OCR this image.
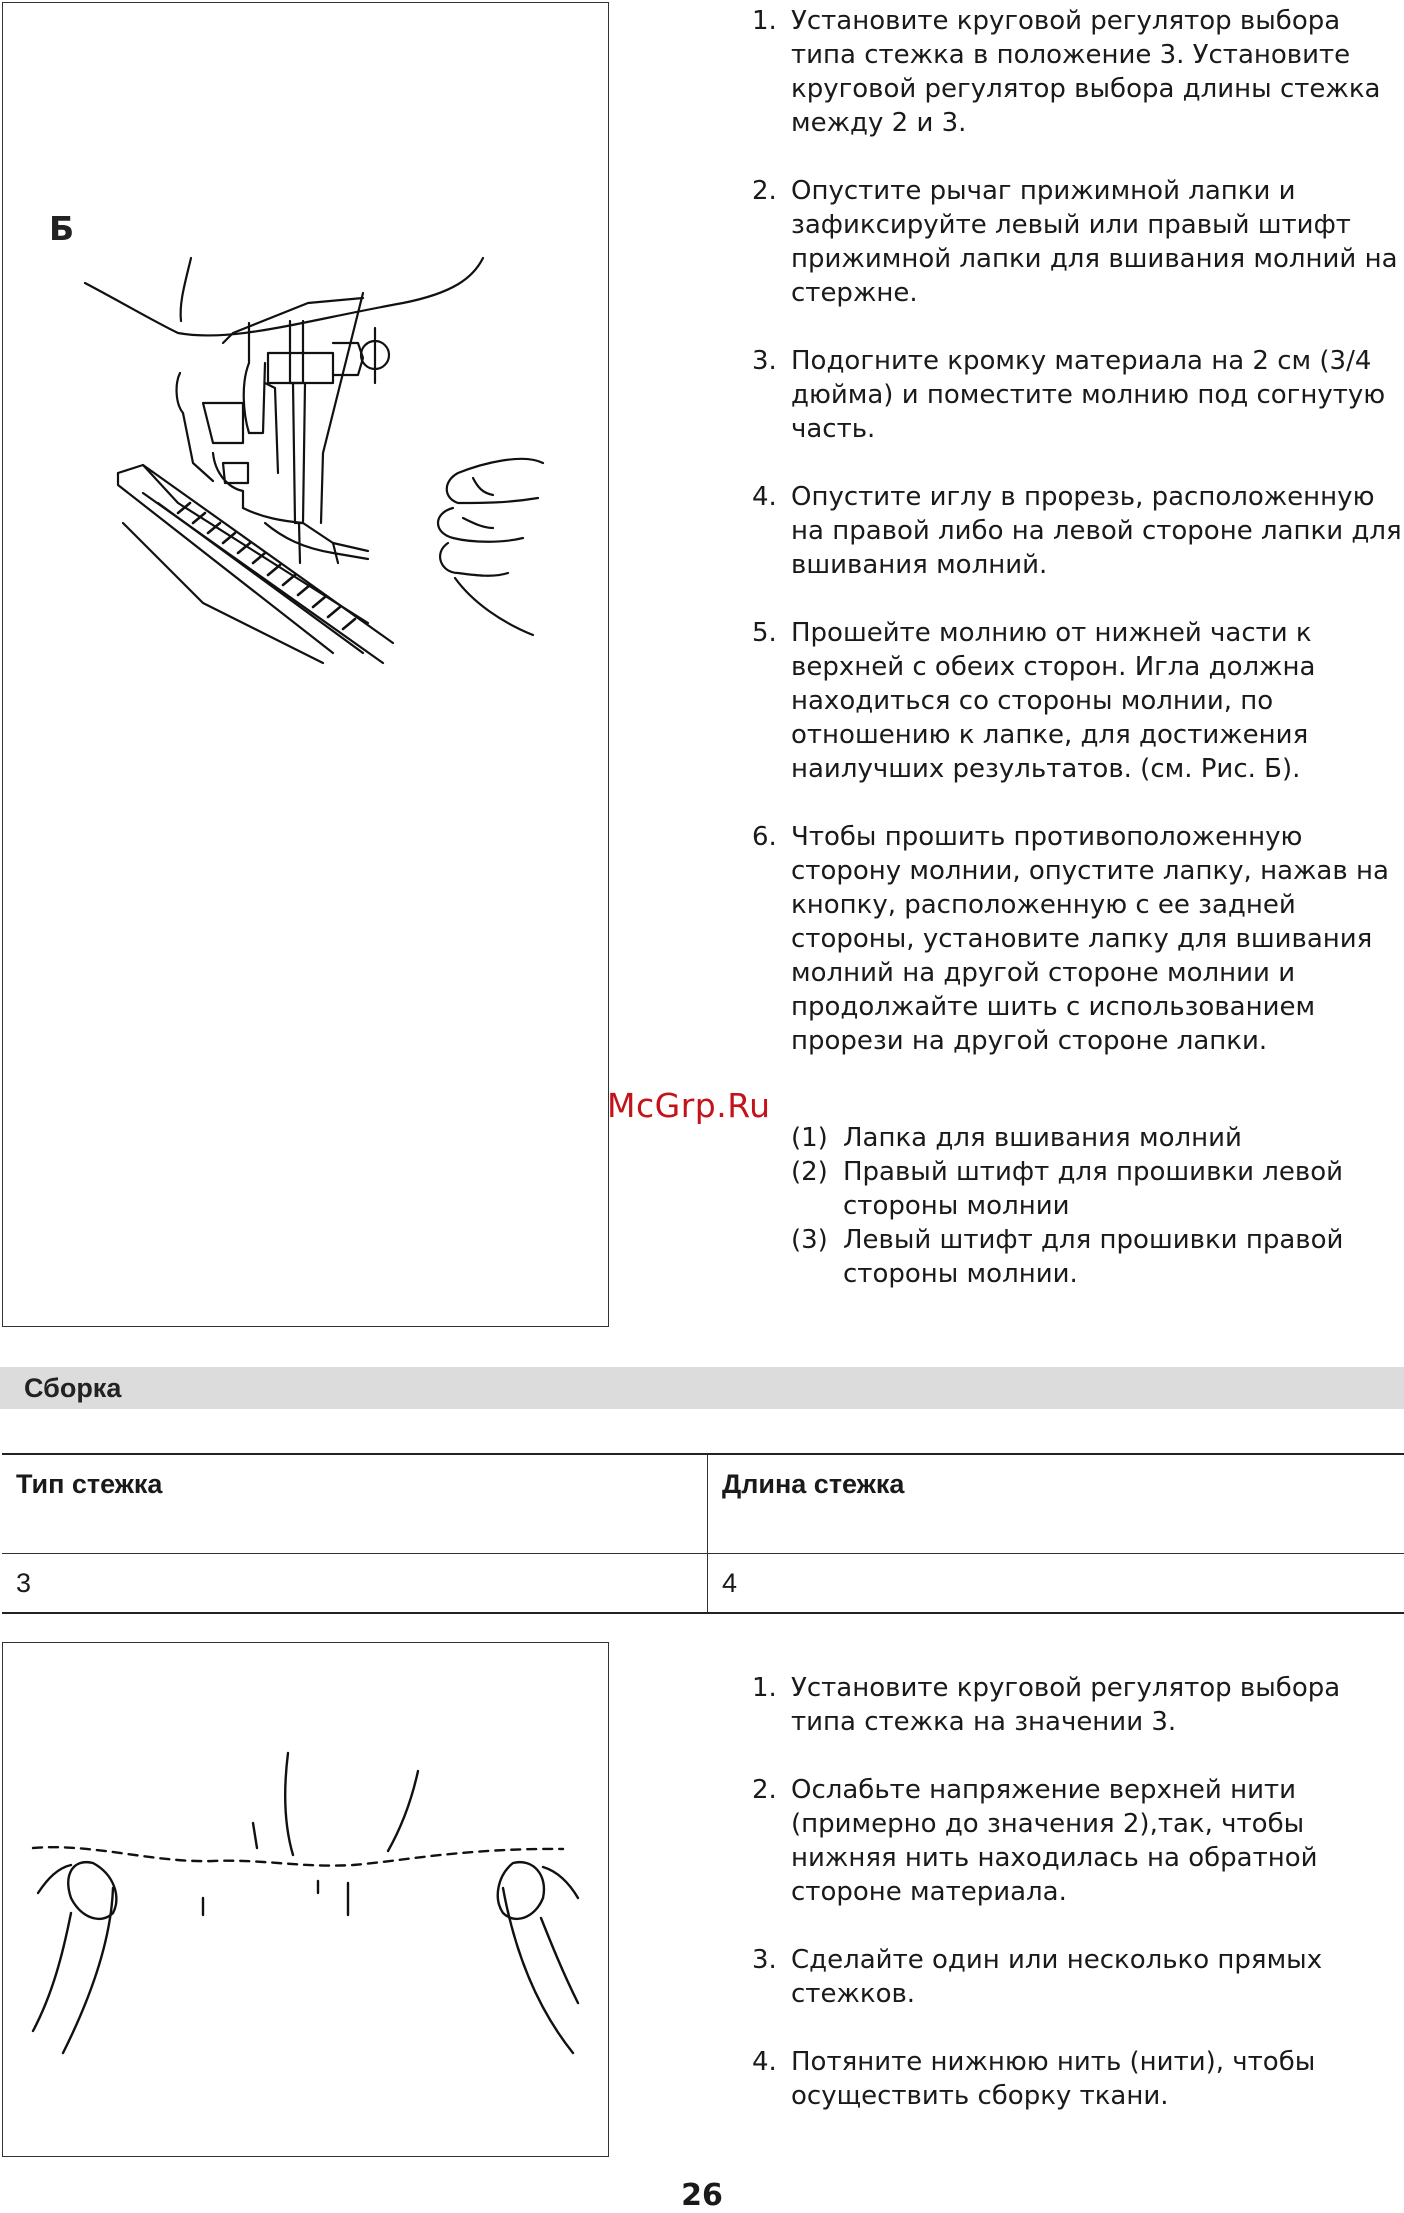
Б
1. Установите круговой регулятор выбора типа стежка в положение 3. Установите круговой регулятор выбора длины стежка между 2 и 3.
2. Опустите рычаг прижимной лапки и зафиксируйте левый или правый штифт прижимной лапки для вшивания молний на стержне.
3. Подогните кромку материала на 2 см (3/4 дюйма) и поместите молнию под согнутую часть.
4. Опустите иглу в прорезь, расположенную на правой либо на левой стороне лапки для вшивания молний.
5. Прошейте молнию от нижней части к верхней с обеих сторон. Игла должна находиться со стороны молнии, по отношению к лапке, для достижения наилучших результатов. (см. Рис. Б).
6. Чтобы прошить противоположенную сторону молнии, опустите лапку, нажав на кнопку, расположенную с ее задней стороны, установите лапку для вшивания молний на другой стороне молнии и продолжайте шить с использованием прорези на другой стороне лапки.
(1) Лапка для вшивания молний
(2) Правый штифт для прошивки левой стороны молнии
(3) Левый штифт для прошивки правой стороны молнии.
McGrp.Ru
Сборка
Тип стежка	Длина стежка
3	4
1. Установите круговой регулятор выбора типа стежка на значении 3.
2. Ослабьте напряжение верхней нити (примерно до значения 2),так, чтобы нижняя нить находилась на обратной стороне материала.
3. Сделайте один или несколько прямых стежков.
4. Потяните нижнюю нить (нити), чтобы осуществить сборку ткани.
26
